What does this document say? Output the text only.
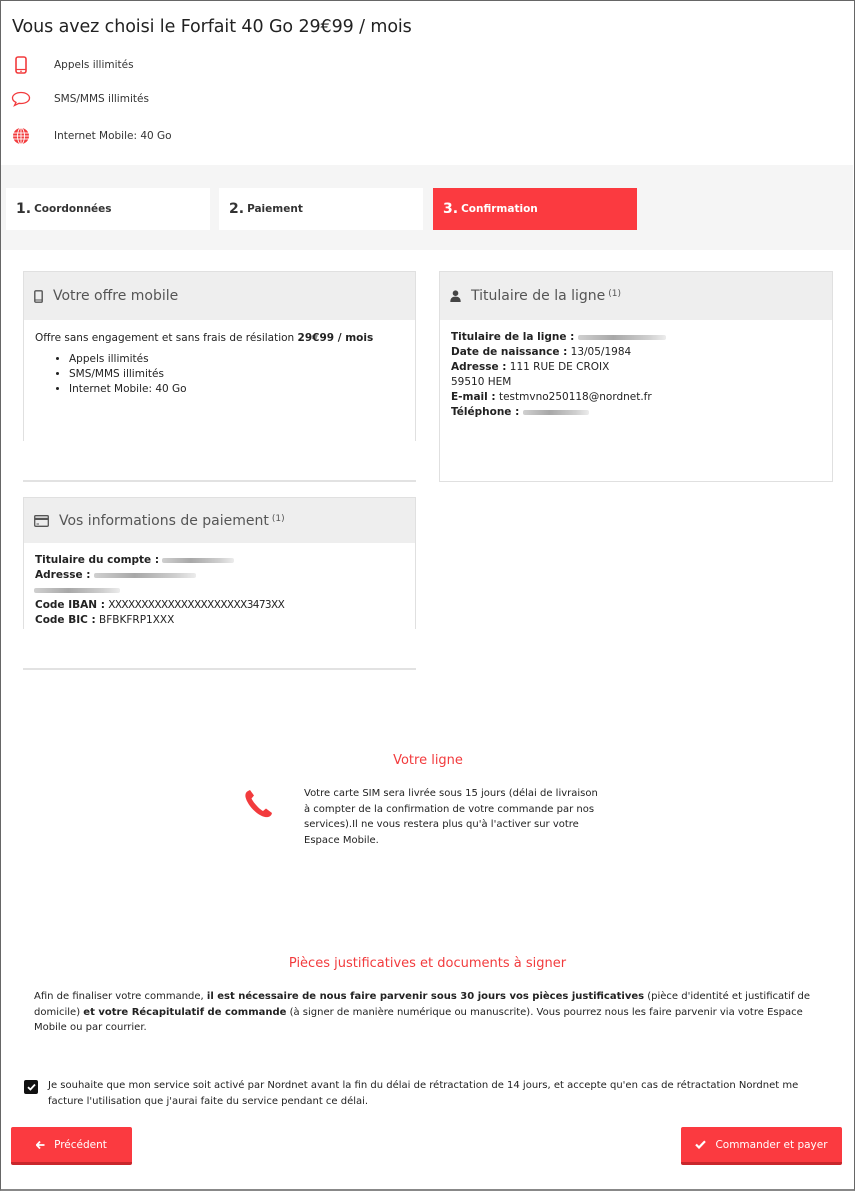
Vous avez choisi le Forfait 40 Go 29€99 / mois
Appels illimités
SMS/MMS illimités
Internet Mobile: 40 Go
1. Coordonnées	2. Paiement	3. Confirmation
Votre offre mobile
Offre sans engagement et sans frais de résilation 29€99 / mois
• Appels illimités
• SMS/MMS illimités
• Internet Mobile: 40 Go
Titulaire de la ligne $^{(1)}$
Titulaire de la ligne :
Date de naissance : 13/05/1984
Adresse : 111 RUE DE CROIX
59510 HEM
E-mail : testmvno250118@nordnet.fr
Téléphone :
Vos informations de paiement $^{(1)}$
Titulaire du compte :
Adresse :
Code IBAN : XXXXXXXXXXXXXXXXXXXXX3473XX
Code BIC : BFBKFRP1XXX
Votre ligne
Votre carte SIM sera livrée sous 15 jours (délai de livraison à compter de la confirmation de votre commande par nos services).Il ne vous restera plus qu'à l'activer sur votre Espace Mobile.
Pièces justificatives et documents à signer
Afin de finaliser votre commande, il est nécessaire de nous faire parvenir sous 30 jours vos pièces justificatives (pièce d'identité et justificatif de domicile) et votre Récapitulatif de commande (à signer de manière numérique ou manuscrite). Vous pourrez nous les faire parvenir via votre Espace Mobile ou par courrier.
Je souhaite que mon service soit activé par Nordnet avant la fin du délai de rétractation de 14 jours, et accepte qu'en cas de rétractation Nordnet me facture l'utilisation que j'aurai faite du service pendant ce délai.
Précédent	Commander et payer
